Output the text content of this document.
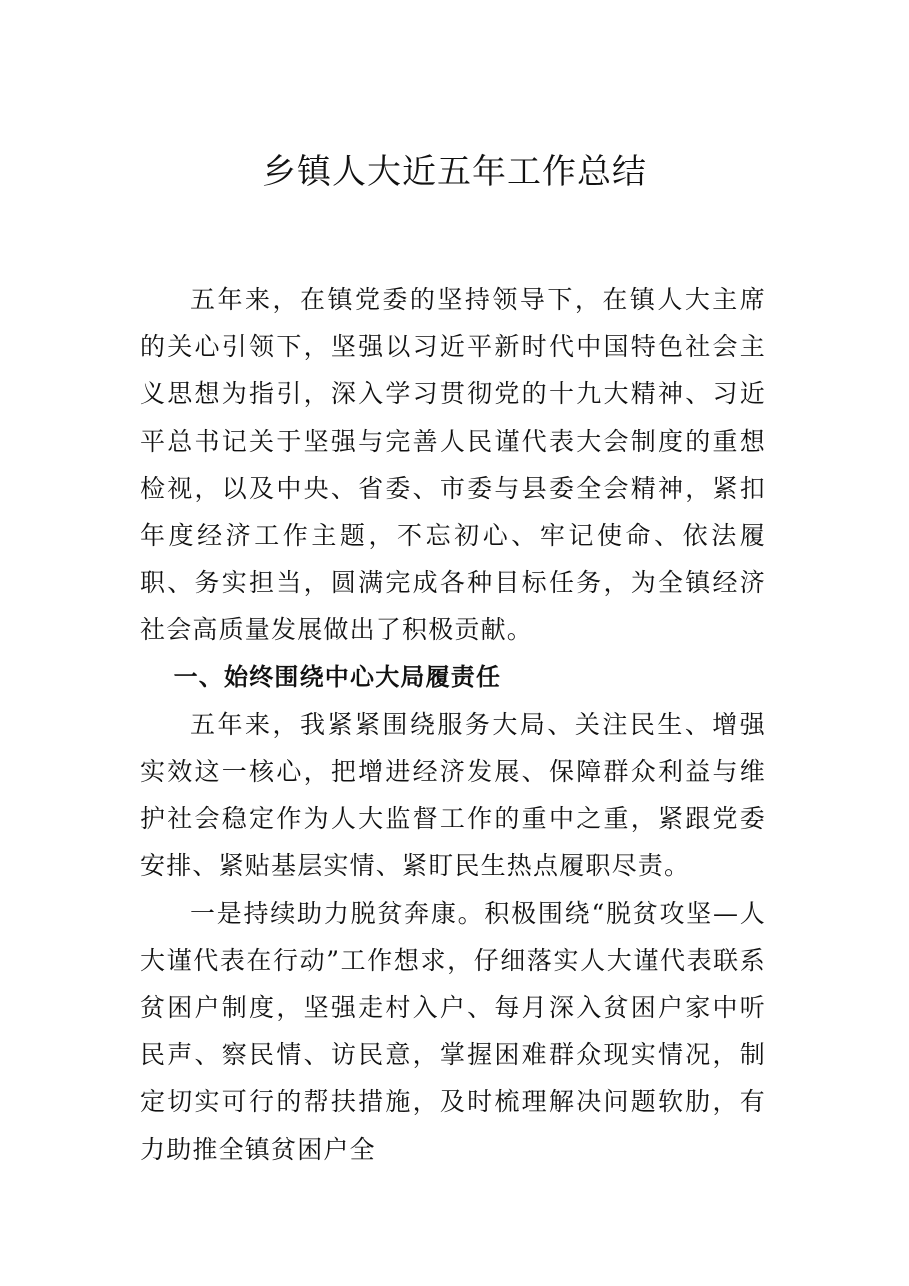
乡镇人大近五年工作总结

五年来，在镇党委的坚持领导下，在镇人大主席的关心引领下，坚强以习近平新时代中国特色社会主义思想为指引，深入学习贯彻党的十九大精神、习近平总书记关于坚强与完善人民谨代表大会制度的重想检视，以及中央、省委、市委与县委全会精神，紧扣年度经济工作主题，不忘初心、牢记使命、依法履职、务实担当，圆满完成各种目标任务，为全镇经济社会高质量发展做出了积极贡献。

一、始终围绕中心大局履责任

五年来，我紧紧围绕服务大局、关注民生、增强实效这一核心，把增进经济发展、保障群众利益与维护社会稳定作为人大监督工作的重中之重，紧跟党委安排、紧贴基层实情、紧盯民生热点履职尽责。

一是持续助力脱贫奔康。积极围绕“脱贫攻坚—人大谨代表在行动”工作想求，仔细落实人大谨代表联系贫困户制度，坚强走村入户、每月深入贫困户家中听民声、察民情、访民意，掌握困难群众现实情况，制定切实可行的帮扶措施，及时梳理解决问题软肋，有力助推全镇贫困户全
